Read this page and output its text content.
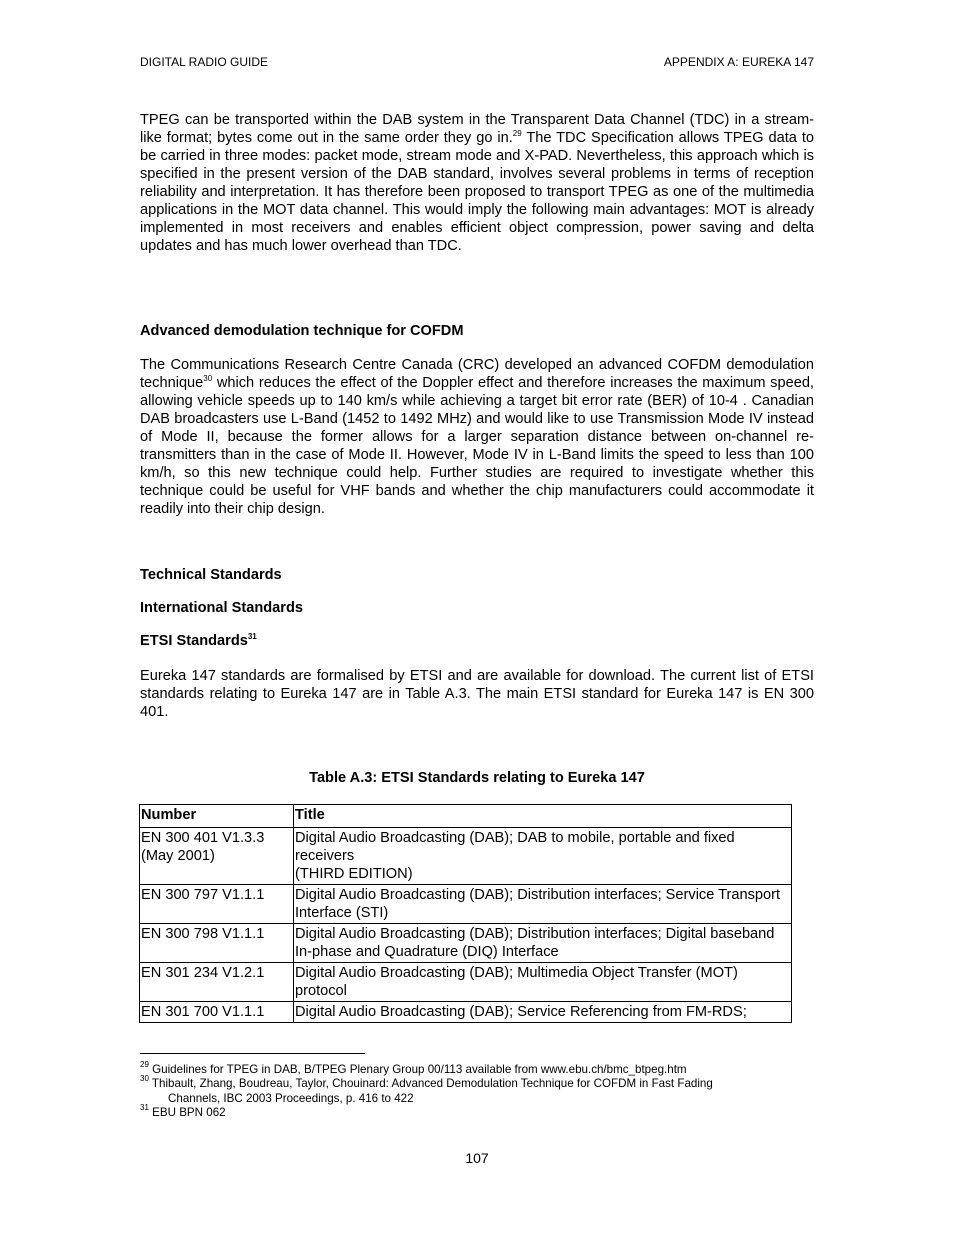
DIGITAL RADIO GUIDE	APPENDIX A: EUREKA 147

TPEG can be transported within the DAB system in the Transparent Data Channel (TDC) in a stream-like format; bytes come out in the same order they go in.$^{29}$ The TDC Specification allows TPEG data to be carried in three modes: packet mode, stream mode and X-PAD. Nevertheless, this approach which is specified in the present version of the DAB standard, involves several problems in terms of reception reliability and interpretation. It has therefore been proposed to transport TPEG as one of the multimedia applications in the MOT data channel. This would imply the following main advantages: MOT is already implemented in most receivers and enables efficient object compression, power saving and delta updates and has much lower overhead than TDC.

Advanced demodulation technique for COFDM

The Communications Research Centre Canada (CRC) developed an advanced COFDM demodulation technique$^{30}$ which reduces the effect of the Doppler effect and therefore increases the maximum speed, allowing vehicle speeds up to 140 km/s while achieving a target bit error rate (BER) of 10-4 . Canadian DAB broadcasters use L-Band (1452 to 1492 MHz) and would like to use Transmission Mode IV instead of Mode II, because the former allows for a larger separation distance between on-channel re-transmitters than in the case of Mode II. However, Mode IV in L-Band limits the speed to less than 100 km/h, so this new technique could help. Further studies are required to investigate whether this technique could be useful for VHF bands and whether the chip manufacturers could accommodate it readily into their chip design.

Technical Standards

International Standards

ETSI Standards$^{31}$

Eureka 147 standards are formalised by ETSI and are available for download. The current list of ETSI standards relating to Eureka 147 are in Table A.3. The main ETSI standard for Eureka 147 is EN 300 401.

Table A.3: ETSI Standards relating to Eureka 147
Number	Title
EN 300 401 V1.3.3
(May 2001)	Digital Audio Broadcasting (DAB); DAB to mobile, portable and fixed receivers
(THIRD EDITION)
EN 300 797 V1.1.1	Digital Audio Broadcasting (DAB); Distribution interfaces; Service Transport Interface (STI)
EN 300 798 V1.1.1	Digital Audio Broadcasting (DAB); Distribution interfaces; Digital baseband In-phase and Quadrature (DIQ) Interface
EN 301 234 V1.2.1	Digital Audio Broadcasting (DAB); Multimedia Object Transfer (MOT) protocol
EN 301 700 V1.1.1	Digital Audio Broadcasting (DAB); Service Referencing from FM-RDS;

$^{29}$ Guidelines for TPEG in DAB, B/TPEG Plenary Group 00/113 available from www.ebu.ch/bmc_btpeg.htm

$^{30}$ Thibault, Zhang, Boudreau, Taylor, Chouinard: Advanced Demodulation Technique for COFDM in Fast Fading
Channels, IBC 2003 Proceedings, p. 416 to 422

$^{31}$ EBU BPN 062

107
